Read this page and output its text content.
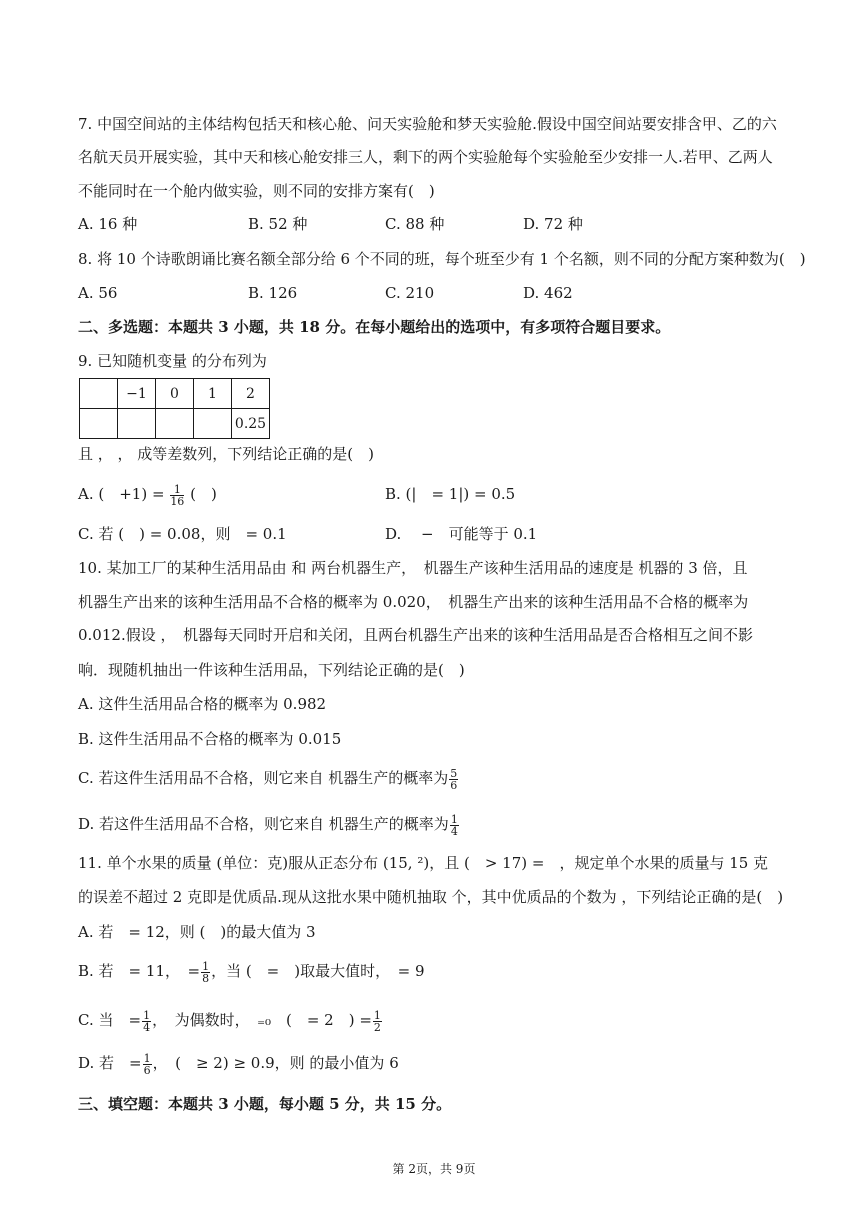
7. 中国空间站的主体结构包括天和核心舱、问天实验舱和梦天实验舱.假设中国空间站要安排含甲、乙的六
名航天员开展实验，其中天和核心舱安排三人，剩下的两个实验舱每个实验舱至少安排一人.若甲、乙两人
不能同时在一个舱内做实验，则不同的安排方案有(　)
A. 16 种	B. 52 种	C. 88 种	D. 72 种
8. 将 10 个诗歌朗诵比赛名额全部分给 6 个不同的班，每个班至少有 1 个名额，则不同的分配方案种数为(　)
A. 56	B. 126	C. 210	D. 462
二、多选题：本题共 3 小题，共 18 分。在每小题给出的选项中，有多项符合题目要求。
9. 已知随机变量 的分布列为
	−1	0	1	2
				0.25
且 ， ， 成等差数列，下列结论正确的是(　)
A. (　$+1) = \frac{1}{16}$ (　)	B. (|　= 1|) = 0.5
C. 若 (　) = 0.08，则　= 0.1	D. 　−　可能等于 0.1
10. 某加工厂的某种生活用品由 和 两台机器生产，　机器生产该种生活用品的速度是 机器的 3 倍，且
机器生产出来的该种生活用品不合格的概率为 0.020，　机器生产出来的该种生活用品不合格的概率为
0.012.假设 ，　机器每天同时开启和关闭，且两台机器生产出来的该种生活用品是否合格相互之间不影
响．现随机抽出一件该种生活用品，下列结论正确的是(　)
A. 这件生活用品合格的概率为 0.982
B. 这件生活用品不合格的概率为 0.015
C. 若这件生活用品不合格，则它来自 机器生产的概率为 $\frac{5}{6}$
D. 若这件生活用品不合格，则它来自 机器生产的概率为 $\frac{1}{4}$
11. 单个水果的质量 (单位：克)服从正态分布 (15, ²)，且 (　> 17) =　，规定单个水果的质量与 15 克
的误差不超过 2 克即是优质品.现从这批水果中随机抽取 个，其中优质品的个数为 ，下列结论正确的是(　)
A. 若　= 12，则 (　)的最大值为 3
B. 若　= 11，　= $\frac{1}{8}$ ，当 (　=　)取最大值时，　= 9
C. 当　= $\frac{1}{4}$ ，　为偶数时，　₌₀　(　= 2　) = $\frac{1}{2}$
D. 若　= $\frac{1}{6}$ ，　(　≥ 2) ≥ 0.9，则 的最小值为 6
三、填空题：本题共 3 小题，每小题 5 分，共 15 分。
第 2页，共 9页
